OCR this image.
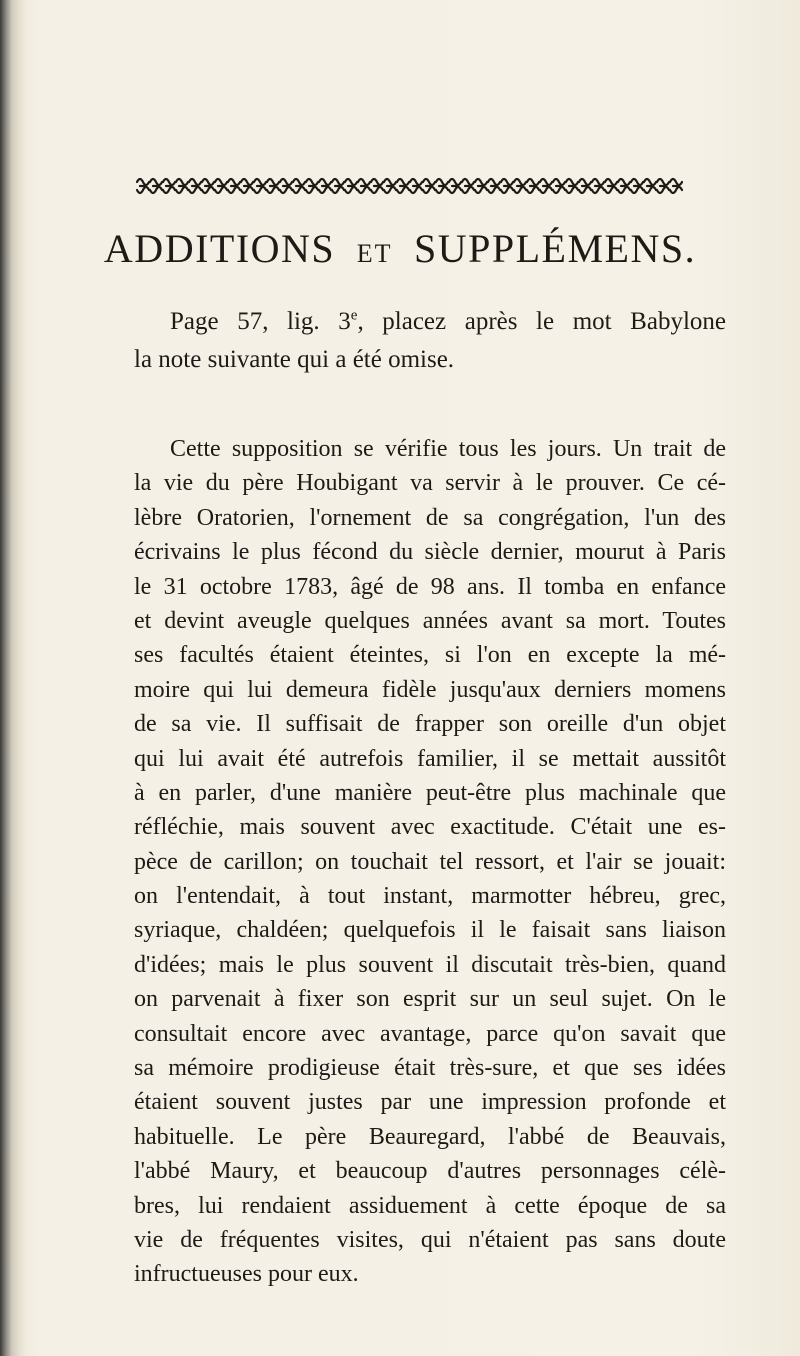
ADDITIONS ET SUPPLÉMENS.
Page 57, lig. 3e, placez après le mot Babylone
la note suivante qui a été omise.
Cette supposition se vérifie tous les jours. Un trait de
la vie du père Houbigant va servir à le prouver. Ce cé-
lèbre Oratorien, l'ornement de sa congrégation, l'un des
écrivains le plus fécond du siècle dernier, mourut à Paris
le 31 octobre 1783, âgé de 98 ans. Il tomba en enfance
et devint aveugle quelques années avant sa mort. Toutes
ses facultés étaient éteintes, si l'on en excepte la mé-
moire qui lui demeura fidèle jusqu'aux derniers momens
de sa vie. Il suffisait de frapper son oreille d'un objet
qui lui avait été autrefois familier, il se mettait aussitôt
à en parler, d'une manière peut-être plus machinale que
réfléchie, mais souvent avec exactitude. C'était une es-
pèce de carillon; on touchait tel ressort, et l'air se jouait:
on l'entendait, à tout instant, marmotter hébreu, grec,
syriaque, chaldéen; quelquefois il le faisait sans liaison
d'idées; mais le plus souvent il discutait très-bien, quand
on parvenait à fixer son esprit sur un seul sujet. On le
consultait encore avec avantage, parce qu'on savait que
sa mémoire prodigieuse était très-sure, et que ses idées
étaient souvent justes par une impression profonde et
habituelle. Le père Beauregard, l'abbé de Beauvais,
l'abbé Maury, et beaucoup d'autres personnages célè-
bres, lui rendaient assiduement à cette époque de sa
vie de fréquentes visites, qui n'étaient pas sans doute
infructueuses pour eux.
